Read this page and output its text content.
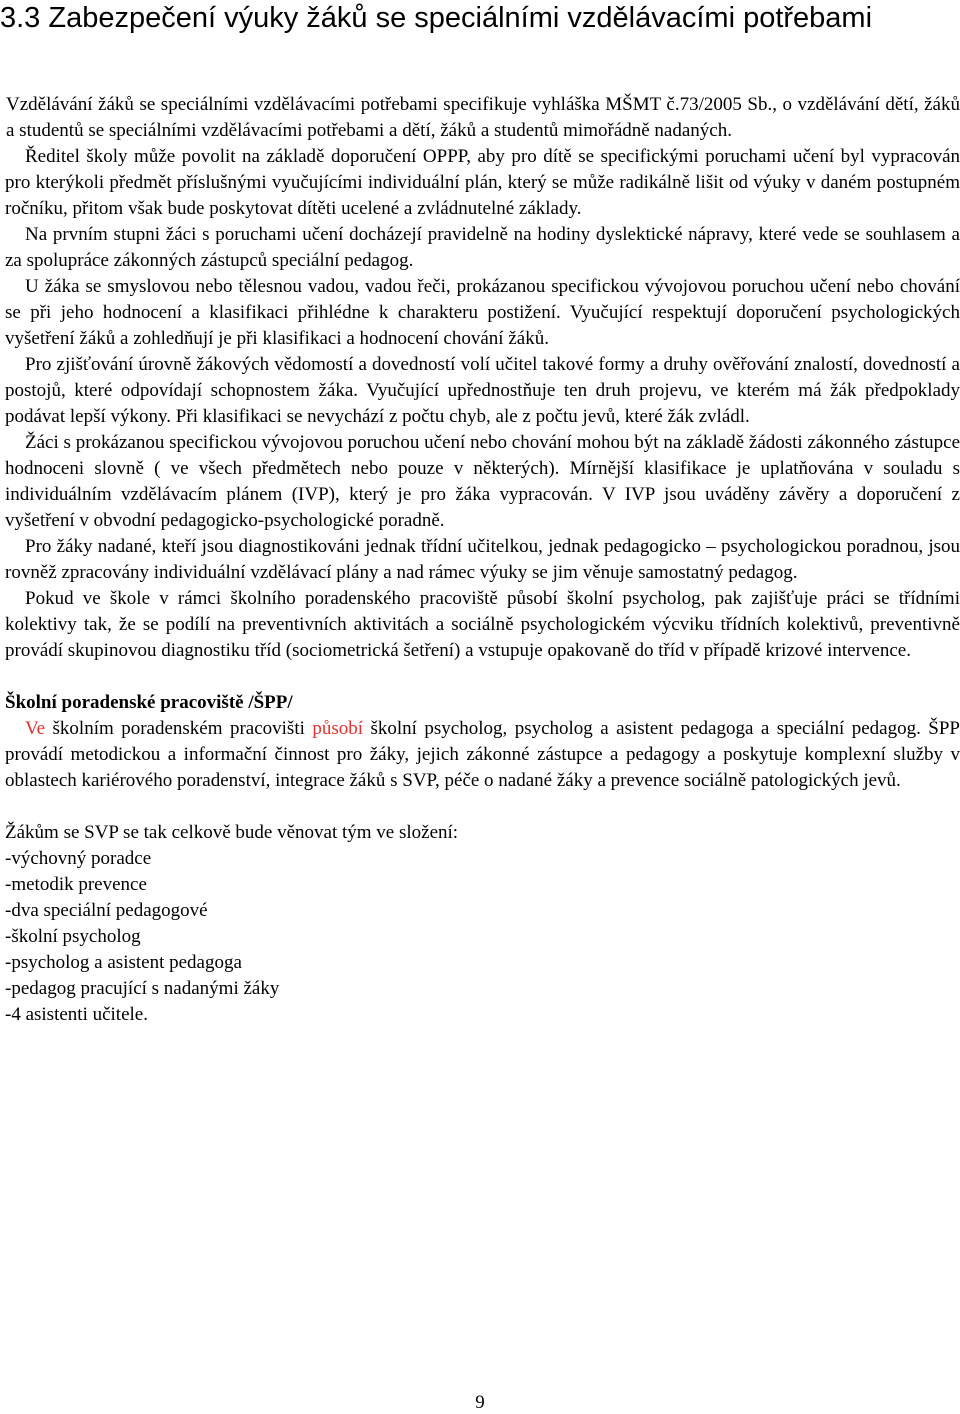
3.3 Zabezpečení výuky žáků se speciálními vzdělávacími potřebami

Vzdělávání žáků se speciálními vzdělávacími potřebami specifikuje vyhláška MŠMT č.73/2005 Sb., o vzdělávání dětí, žáků a studentů se speciálními vzdělávacími potřebami a dětí, žáků a studentů mimořádně nadaných.

Ředitel školy může povolit na základě doporučení OPPP, aby pro dítě se specifickými poruchami učení byl vypracován pro kterýkoli předmět příslušnými vyučujícími individuální plán, který se může radikálně lišit od výuky v daném postupném ročníku, přitom však bude poskytovat dítěti ucelené a zvládnutelné základy.

Na prvním stupni žáci s poruchami učení docházejí pravidelně na hodiny dyslektické nápravy, které vede se souhlasem a za spolupráce zákonných zástupců speciální pedagog.

U žáka se smyslovou nebo tělesnou vadou, vadou řeči, prokázanou specifickou vývojovou poruchou učení nebo chování se při jeho hodnocení a klasifikaci přihlédne k charakteru postižení. Vyučující respektují doporučení psychologických vyšetření žáků a zohledňují je při klasifikaci a hodnocení chování žáků.

Pro zjišťování úrovně žákových vědomostí a dovedností volí učitel takové formy a druhy ověřování znalostí, dovedností a postojů, které odpovídají schopnostem žáka. Vyučující upřednostňuje ten druh projevu, ve kterém má žák předpoklady podávat lepší výkony. Při klasifikaci se nevychází z počtu chyb, ale z počtu jevů, které žák zvládl.

Žáci s prokázanou specifickou vývojovou poruchou učení nebo chování mohou být na základě žádosti zákonného zástupce hodnoceni slovně ( ve všech předmětech nebo pouze v některých). Mírnější klasifikace je uplatňována v souladu s individuálním vzdělávacím plánem (IVP), který je pro žáka vypracován. V IVP jsou uváděny závěry a doporučení z vyšetření v obvodní pedagogicko-psychologické poradně.

Pro žáky nadané, kteří jsou diagnostikováni jednak třídní učitelkou, jednak pedagogicko – psychologickou poradnou, jsou rovněž zpracovány individuální vzdělávací plány a nad rámec výuky se jim věnuje samostatný pedagog.

Pokud ve škole v rámci školního poradenského pracoviště působí školní psycholog, pak zajišťuje práci se třídními kolektivy tak, že se podílí na preventivních aktivitách a sociálně psychologickém výcviku třídních kolektivů, preventivně provádí skupinovou diagnostiku tříd (sociometrická šetření) a vstupuje opakovaně do tříd v případě krizové intervence.

Školní poradenské pracoviště /ŠPP/

Ve školním poradenském pracovišti působí školní psycholog, psycholog a asistent pedagoga a speciální pedagog. ŠPP provádí metodickou a informační činnost pro žáky, jejich zákonné zástupce a pedagogy a poskytuje komplexní služby v oblastech kariérového poradenství, integrace žáků s SVP, péče o nadané žáky a prevence sociálně patologických jevů.

Žákům se SVP se tak celkově bude věnovat tým ve složení:

-výchovný poradce
-metodik prevence
-dva speciální pedagogové
-školní psycholog
-psycholog a asistent pedagoga
-pedagog pracující s nadanými žáky
-4 asistenti učitele.
9
